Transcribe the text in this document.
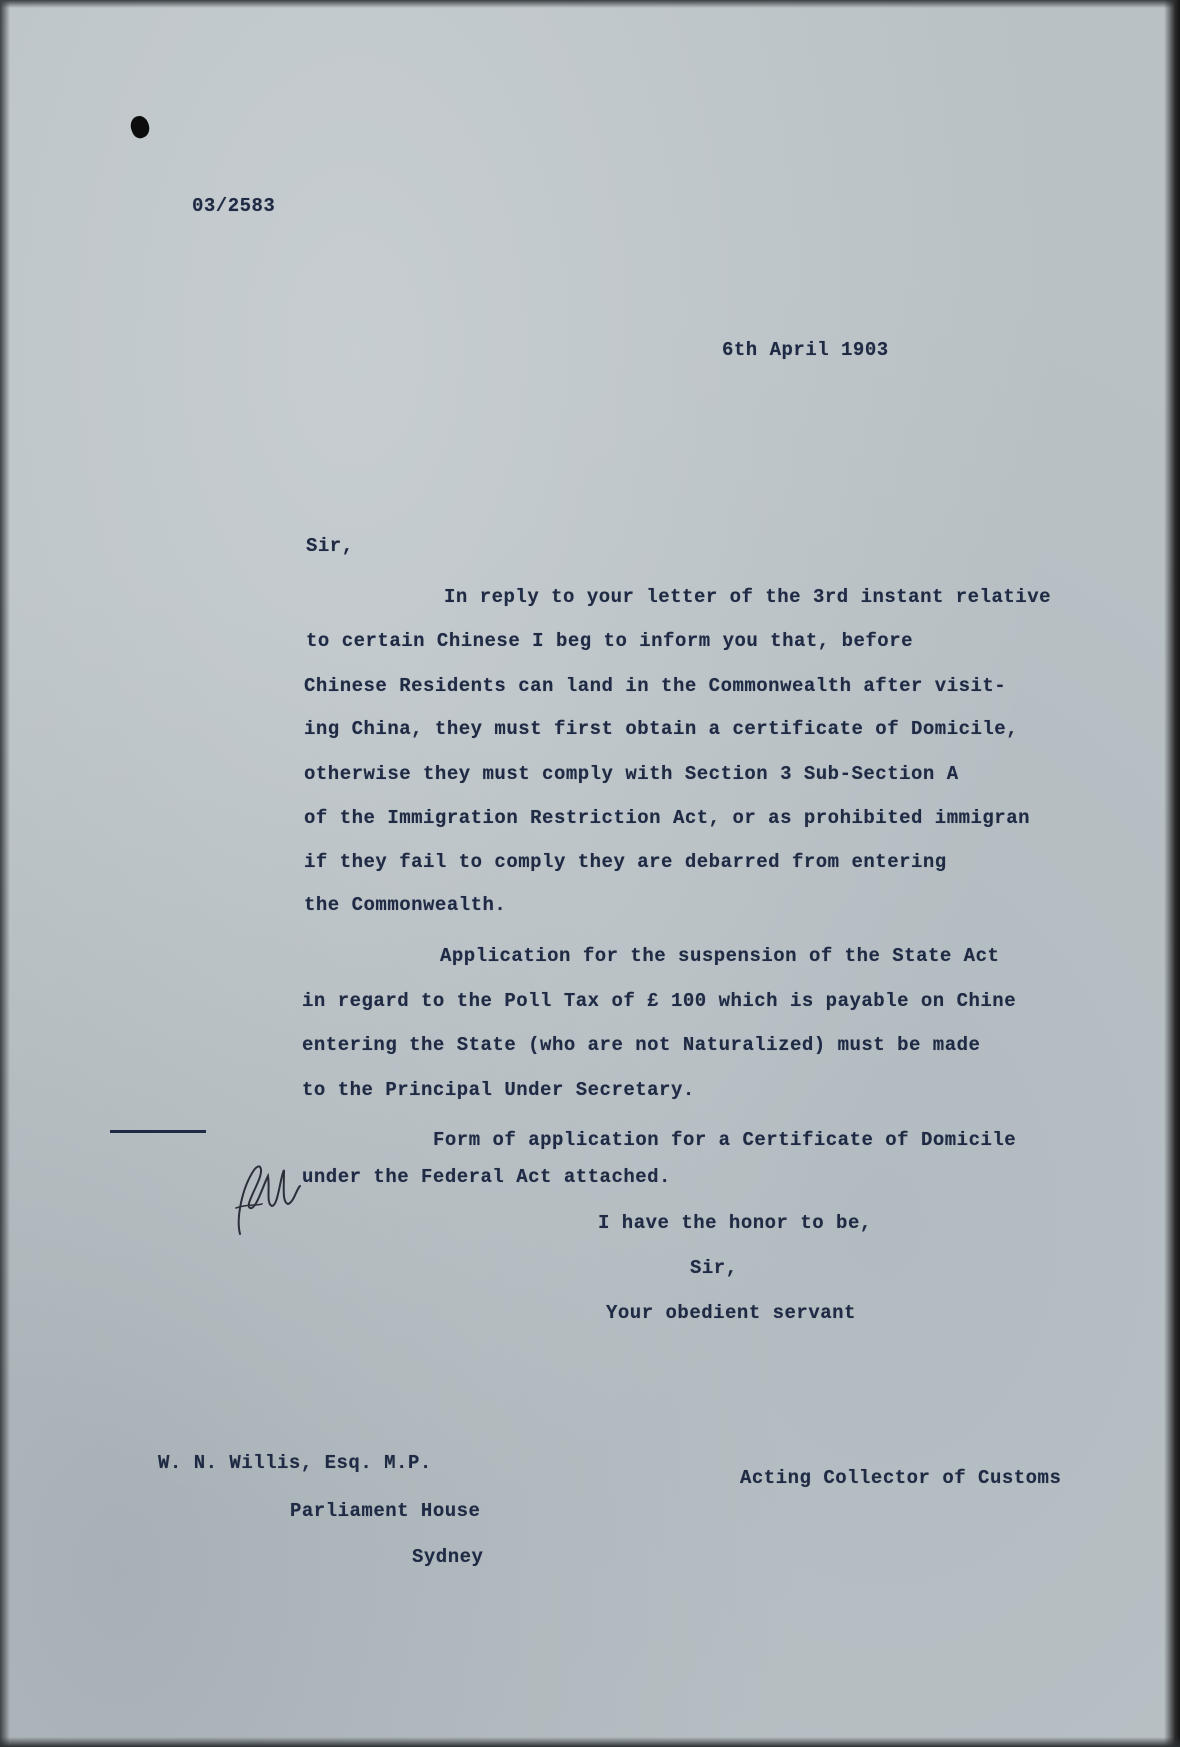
03/2583
6th April 1903
Sir,
In reply to your letter of the 3rd instant relative
to certain Chinese I beg to inform you that, before
Chinese Residents can land in the Commonwealth after visit-
ing China, they must first obtain a certificate of Domicile,
otherwise they must comply with Section 3 Sub-Section A
of the Immigration Restriction Act, or as prohibited immigran
if they fail to comply they are debarred from entering
the Commonwealth.
Application for the suspension of the State Act
in regard to the Poll Tax of £ 100 which is payable on Chine
entering the State (who are not Naturalized) must be made
to the Principal Under Secretary.
Form of application for a Certificate of Domicile
under the Federal Act attached.
I have the honor to be,
Sir,
Your obedient servant
W. N. Willis, Esq. M.P.
Parliament House
Sydney
Acting Collector of Customs
